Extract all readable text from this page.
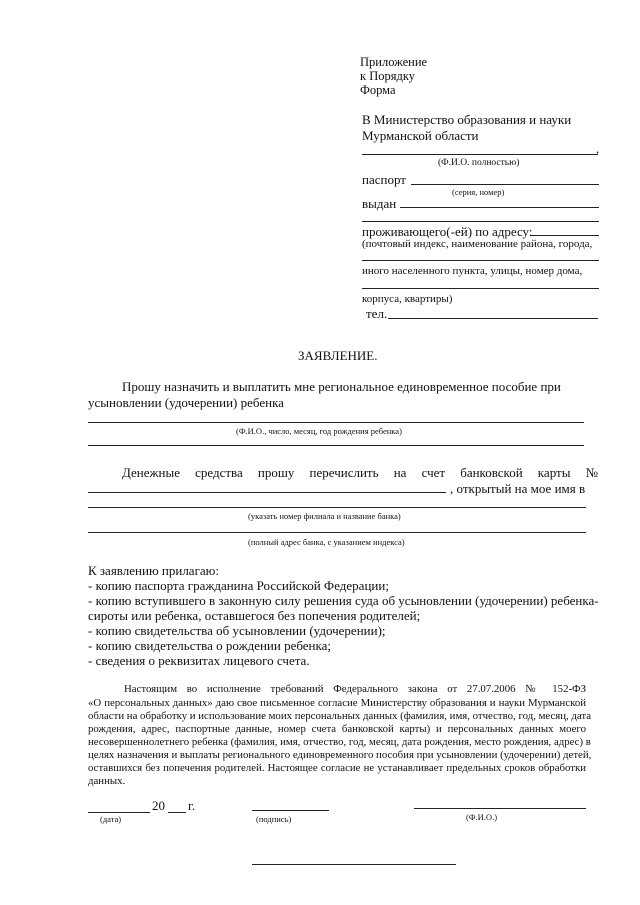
Приложение
к Порядку
Форма
В Министерство образования и науки
Мурманской области
,
(Ф.И.О. полностью)
паспорт
(серия, номер)
выдан
проживающего(-ей) по адресу:
(почтовый индекс, наименование района, города,
иного населенного пункта, улицы, номер дома,
корпуса, квартиры)
тел.
ЗАЯВЛЕНИЕ.
Прошу назначить и выплатить мне региональное единовременное пособие при
усыновлении (удочерении) ребенка
(Ф.И.О., число, месяц, год рождения ребенка)
Денежные средства прошу перечислить на счет банковской карты №
, открытый на мое имя в
(указать номер филиала и название банка)
(полный адрес банка, с указанием индекса)
К заявлению прилагаю:
- копию паспорта гражданина Российской Федерации;
- копию вступившего в законную силу решения суда об усыновлении (удочерении) ребенка-
сироты или ребенка, оставшегося без попечения родителей;
- копию свидетельства об усыновлении (удочерении);
- копию свидетельства о рождении ребенка;
- сведения о реквизитах лицевого счета.
Настоящим во исполнение требований Федерального закона от 27.07.2006 № 152-ФЗ
«О персональных данных» даю свое письменное согласие Министерству образования и науки Мурманской
области на обработку и использование моих персональных данных (фамилия, имя, отчество, год, месяц, дата
рождения, адрес, паспортные данные, номер счета банковской карты) и персональных данных моего
несовершеннолетнего ребенка (фамилия, имя, отчество, год, месяц, дата рождения, место рождения, адрес) в
целях назначения и выплаты регионального единовременного пособия при усыновлении (удочерении) детей,
оставшихся без попечения родителей. Настоящее согласие не устанавливает предельных сроков обработки
данных.
20 г.
(дата)	(подпись)	(Ф.И.О.)
